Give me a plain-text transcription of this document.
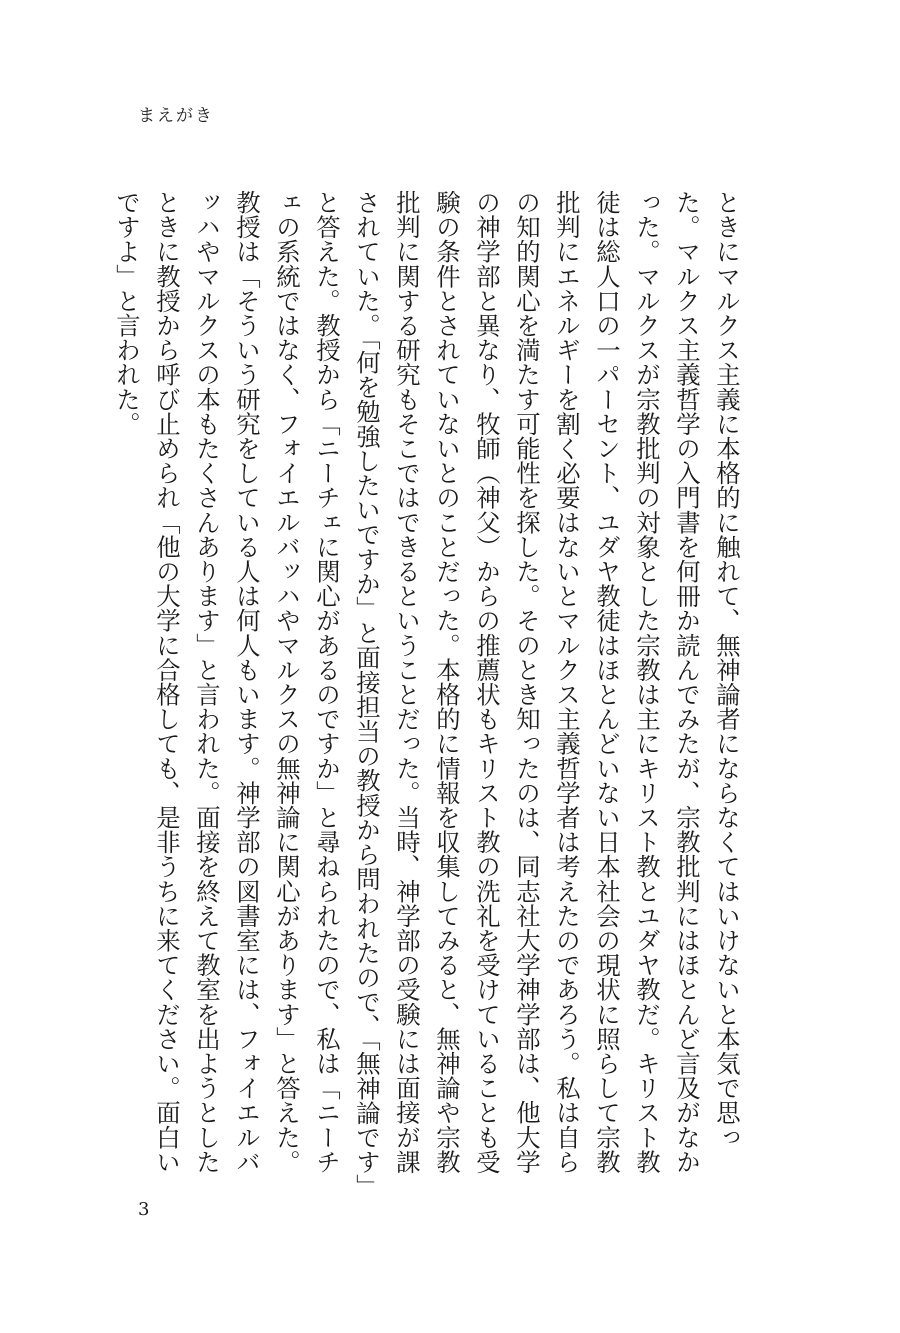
まえがき

ときにマルクス主義に本格的に触れて、無神論者にならなくてはいけないと本気で思った。マルクス主義哲学の入門書を何冊か読んでみたが、宗教批判にはほとんど言及がなかった。マルクスが宗教批判の対象とした宗教は主にキリスト教とユダヤ教だ。キリスト教徒は総人口の一パーセント、ユダヤ教徒はほとんどいない日本社会の現状に照らして宗教批判にエネルギーを割く必要はないとマルクス主義哲学者は考えたのであろう。私は自らの知的関心を満たす可能性を探した。そのとき知ったのは、同志社大学神学部は、他大学の神学部と異なり、牧師（神父）からの推薦状もキリスト教の洗礼を受けていることも受験の条件とされていないとのことだった。本格的に情報を収集してみると、無神論や宗教批判に関する研究もそこではできるということだった。当時、神学部の受験には面接が課されていた。「何を勉強したいですか」と面接担当の教授から問われたので、「無神論です」と答えた。教授から「ニーチェに関心があるのですか」と尋ねられたので、私は「ニーチェの系統ではなく、フォイエルバッハやマルクスの無神論に関心があります」と答えた。教授は「そういう研究をしている人は何人もいます。神学部の図書室には、フォイエルバッハやマルクスの本もたくさんあります」と言われた。面接を終えて教室を出ようとしたときに教授から呼び止められ「他の大学に合格しても、是非うちに来てください。面白いですよ」と言われた。

3
